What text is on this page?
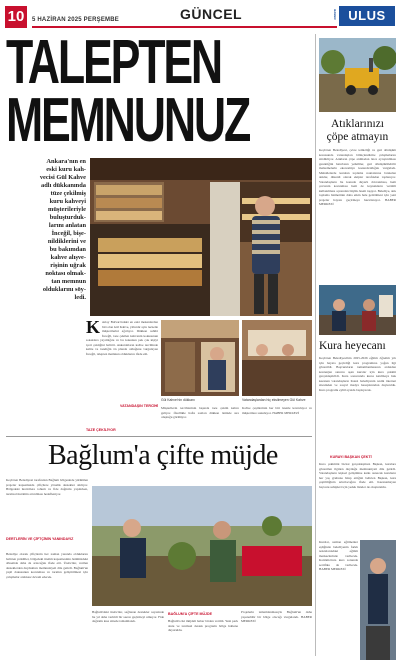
10	5 HAZİRAN 2025 PERŞEMBE	GÜNCEL	HABER ULUS
TALEPTEN
MEMNUNUZ
Ankara'nın en
eski kuru kah-
vecisi Gül Kahve
adlı dükkanında
tüze çekilmiş
kuru kahveyi
müşterileriyle
buluşturduk-
larını anlatan
İnceğil, bişe-
nildiklerini ve
bu bakımdan
kahve alışve-
rişinin uğrak
noktası olmak-
tan memnun
olduklarını söy-
ledi.
Kızılay Bulvarı'ndaki en eski mekanlardan biri olan Gül Kahve, yıllardır aynı lezzetle müşterilerini ağırlıyor. Dükkan sahibi İnceğil, taze çekilen kahvenin kokusunun sokaklara yayıldığını ve bu kokunun pek çok kişiyi içeri çektiğini belirtti. Ankaralıların kahve tercihinde kalite ve tazeliğin ön planda olduğunu vurgulayan İnceğil, talepten memnun olduklarını ifade etti.
TAZE ÇEKİLİYOR
Gül Kahve'nin dükkanı	Vatandaşlardan hiç eksilmeyen Gül Kahve
VATANDAŞIN TERCİHİ Müşterilerin tercihlerinin başında taze çekim kahve geliyor. Özellikle hafta sonları dükkan önünde sıra oluştuğu görülüyor.
Kahve çeşitlerinin her biri özenle kavruluyor ve müşterilere sunuluyor. HABER MERKEZİ
Bağlum'a çifte müjde
Keçiören Belediyesi tarafından Bağlum bölgesinde yürütülen projeler kapsamında çiftçilere yönelik destekler sürüyor. Bölgedeki üreticilere tohum ve fide dağıtımı yapılırken, tarımsal üretimin artırılması hedefleniyor.
DERTLERİN VE ÇİFTÇİNİN YANINDAYIZ
Belediye olarak çiftçilerin her zaman yanında olduklarını belirten yetkililer, bölgedeki üretim kapasitesinin önümüzdeki dönemde daha da artacağını ifade etti. Üreticiler, verilen desteklerden duydukları memnuniyeti dile getirdi. Bağlum'un yeşil dokusunun korunması ve tarımın geliştirilmesi için çalışmalar aralıksız devam edecek.
Bağlum'daki üreticiler, sağlanan destekler sayesinde bu yıl daha verimli bir sezon geçirmeyi umuyor. Fide dağıtımı kısa sürede tamamlandı.
BAĞLUM'A ÇİFTE MÜJDE
Bağlum'a iki müjdeli haber birden verildi. Yeni park alanı ve tarımsal destek programı bölge halkına duyuruldu.
Projelerin tamamlanmasıyla Bağlum'un daha yaşanabilir bir bölge olacağı vurgulandı. HABER MERKEZİ
Atıklarınızı çöpe atmayın
Keçiören Belediyesi, çevre temizliği ve geri dönüşüm konusunda vatandaşları bilinçlendirme çalışmalarını sürdürüyor. Atıkların çöpe atılmadan önce ayrıştırılması gerektiğini hatırlatan yetkililer, geri dönüştürülebilir malzemelerin ekonomiye kazandırıldığını vurguladı. Mahallelerde kurulan toplama noktalarına bırakılan atıklar, düzenli olarak ekipler tarafından toplanıyor. Vatandaşların bu konuda duyarlı davranması, hem çevrenin korunması hem de kaynakların verimli kullanılması açısından büyük önem taşıyor. Belediye, atık toplama hizmetinin daha etkin hale getirilmesi için yeni projeler hayata geçirmeye hazırlanıyor. HABER MERKEZİ
Kura heyecanı
Keçiören Belediyesi'nin 2025-2026 eğitim öğretim yılı için hayata geçirdiği kurs programına yoğun ilgi gösterildi. Başvuruların tamamlanmasının ardından kontenjan sınırını aşan kurslar için kura çekimi gerçekleştirildi. Kura sonucunda kursa katılmaya hak kazanan vatandaşların listesi belediyenin resmi internet sitesinden ve sosyal medya hesaplarından duyuruldu. Kurs programı eylül ayında başlayacak.
KURAYI BAŞKAN ÇEKTİ
Kura çekimini bizzat gerçekleştiren Başkan, kurslara gösterilen ilgiden duyduğu memnuniyeti dile getirdi. Vatandaşların kişisel gelişimine katkı sunacak kursların her yaş grubuna hitap ettiğini belirten Başkan, kurs çeşitliliğinin artırılacağını ifade etti. Kazanamayan başvuru sahipleri için yedek listeler de oluşturuldu.
Kurslar, uzman eğitmenler eşliğinde belediyenin farklı noktalarındaki eğitim merkezlerinde verilecek. Katılımcılara kurs sonunda sertifika da verilecek. HABER MERKEZİ
